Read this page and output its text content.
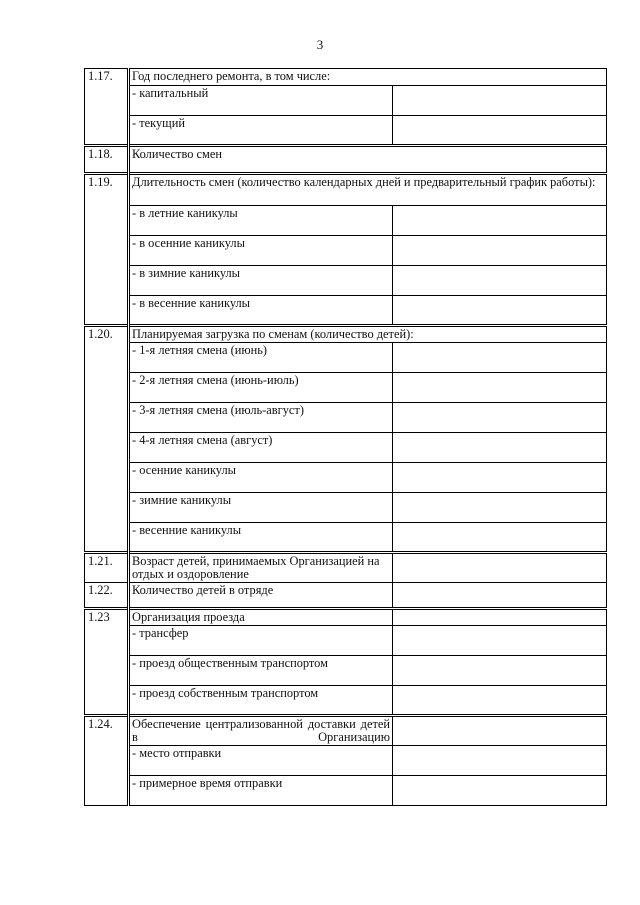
3
1.17.	Год последнего ремонта, в том числе:	
	- капитальный	
	- текущий	
1.18.	Количество смен	
1.19.	Длительность смен (количество календарных дней и предварительный график работы):	
	- в летние каникулы	
	- в осенние каникулы	
	- в зимние каникулы	
	- в весенние каникулы	
1.20.	Планируемая загрузка по сменам (количество детей):	
	- 1-я летняя смена (июнь)	
	- 2-я летняя смена (июнь-июль)	
	- 3-я летняя смена (июль-август)	
	- 4-я летняя смена (август)	
	- осенние каникулы	
	- зимние каникулы	
	- весенние каникулы	
1.21.	Возраст детей, принимаемых Организацией на отдых и оздоровление	
1.22.	Количество детей в отряде	
1.23	Организация проезда	
	- трансфер	
	- проезд общественным транспортом	
	- проезд собственным транспортом	
1.24.	Обеспечение централизованной доставки детей в Организацию	
	- место отправки	
	- примерное время отправки	
